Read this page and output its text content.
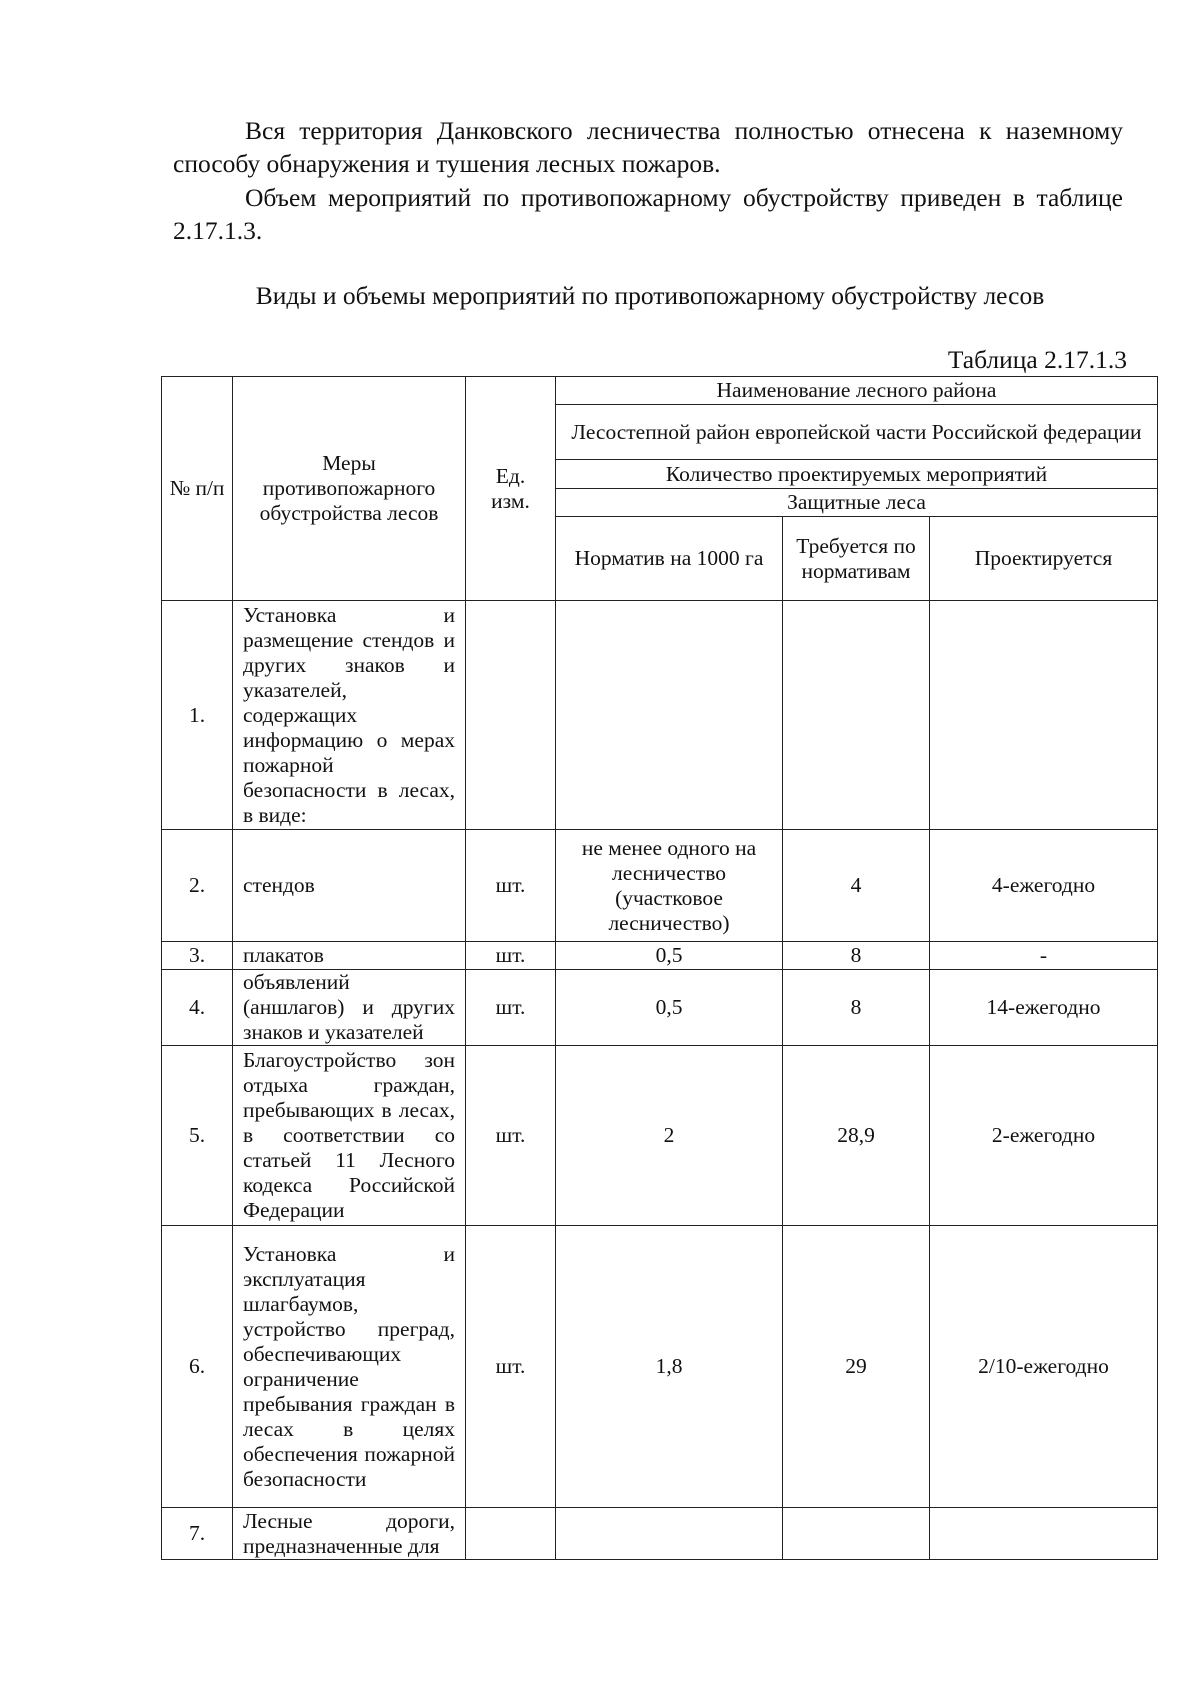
Вся территория Данковского лесничества полностью отнесена к наземному способу обнаружения и тушения лесных пожаров.
Объем мероприятий по противопожарному обустройству приведен в таблице 2.17.1.3.
Виды и объемы мероприятий по противопожарному обустройству лесов
Таблица 2.17.1.3
№ п/п	Меры противопожарного обустройства лесов	Ед. изм.	Наименование лесного района		
			Лесостепной район европейской части Российской федерации		
			Количество проектируемых мероприятий		
			Защитные леса		
			Норматив на 1000 га	Требуется по нормативам	Проектируется

1.	Установка и размещение стендов и других знаков и указателей, содержащих информацию о мерах пожарной безопасности в лесах, в виде:				
2.	стендов	шт.	не менее одного на лесничество (участковое лесничество)	4	4-ежегодно
3.	плакатов	шт.	0,5	8	-
4.	объявлений (аншлагов) и других знаков и указателей	шт.	0,5	8	14-ежегодно
5.	Благоустройство зон отдыха граждан, пребывающих в лесах, в соответствии со статьей 11 Лесного кодекса Российской Федерации	шт.	2	28,9	2-ежегодно
6.	Установка и эксплуатация шлагбаумов, устройство преград, обеспечивающих ограничение пребывания граждан в лесах в целях обеспечения пожарной безопасности	шт.	1,8	29	2/10-ежегодно
7.	Лесные дороги, предназначенные для				
